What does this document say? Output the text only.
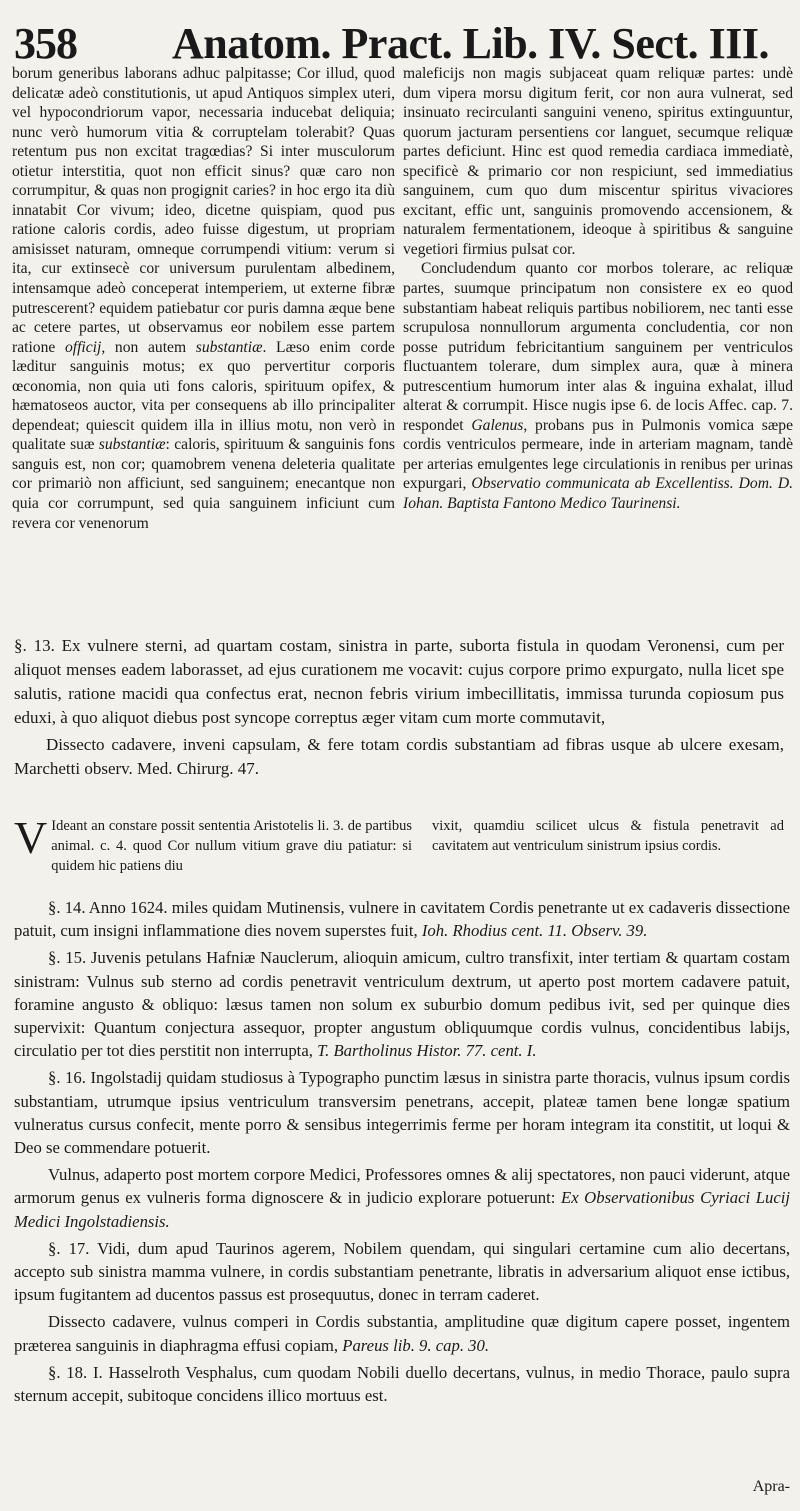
358 Anatom. Pract. Lib. IV. Sect. III.

borum generibus laborans adhuc palpitasse; Cor illud, quod delicatæ adeò constitutionis, ut apud Antiquos simplex uteri, vel hypocondriorum vapor, necessaria inducebat deliquia; nunc verò humorum vitia & corruptelam tolerabit? Quas retentum pus non excitat tragœdias? Si inter musculorum otietur interstitia, quot non efficit sinus? quæ caro non corrumpitur, & quas non progignit caries? in hoc ergo ita diù innatabit Cor vivum; ideo, dicetne quispiam, quod pus ratione caloris cordis, adeo fuisse digestum, ut propriam amisisset naturam, omneque corrumpendi vitium: verum si ita, cur extinsecè cor universum purulentam albedinem, intensamque adeò conceperat intemperiem, ut externe fibræ putrescerent? equidem patiebatur cor puris damna æque bene ac cetere partes, ut observamus eor nobilem esse partem ratione officij, non autem substantiæ. Læso enim corde læditur sanguinis motus; ex quo pervertitur corporis œconomia, non quia uti fons caloris, spirituum opifex, & hæmatoseos auctor, vita per consequens ab illo principaliter dependeat; quiescit quidem illa in illius motu, non verò in qualitate suæ substantiæ: caloris, spirituum & sanguinis fons sanguis est, non cor; quamobrem venena deleteria qualitate cor primariò non afficiunt, sed sanguinem; enecantque non quia cor corrumpunt, sed quia sanguinem inficiunt cum revera cor venenorum

maleficijs non magis subjaceat quam reliquæ partes: undè dum vipera morsu digitum ferit, cor non aura vulnerat, sed insinuato recirculanti sanguini veneno, spiritus extinguuntur, quorum jacturam persentiens cor languet, secumque reliquæ partes deficiunt. Hinc est quod remedia cardiaca immediatè, specificè & primario cor non respiciunt, sed immediatius sanguinem, cum quo dum miscentur spiritus vivaciores excitant, effic unt, sanguinis promovendo accensionem, & naturalem fermentationem, ideoque à spiritibus & sanguine vegetiori firmius pulsat cor.

Concludendum quanto cor morbos tolerare, ac reliquæ partes, suumque principatum non consistere ex eo quod substantiam habeat reliquis partibus nobiliorem, nec tanti esse scrupulosa nonnullorum argumenta concludentia, cor non posse putridum febricitantium sanguinem per ventriculos fluctuantem tolerare, dum simplex aura, quæ à minera putrescentium humorum inter alas & inguina exhalat, illud alterat & corrumpit. Hisce nugis ipse 6. de locis Affec. cap. 7. respondet Galenus, probans pus in Pulmonis vomica sæpe cordis ventriculos permeare, inde in arteriam magnam, tandè per arterias emulgentes lege circulationis in renibus per urinas expurgari, Observatio communicata ab Excellentiss. Dom. D. Iohan. Baptista Fantono Medico Taurinensi.

§. 13. Ex vulnere sterni, ad quartam costam, sinistra in parte, suborta fistula in quodam Veronensi, cum per aliquot menses eadem laborasset, ad ejus curationem me vocavit: cujus corpore primo expurgato, nulla licet spe salutis, ratione macidi qua confectus erat, necnon febris virium imbecillitatis, immissa turunda copiosum pus eduxi, à quo aliquot diebus post syncope correptus æger vitam cum morte commutavit,

Dissecto cadavere, inveni capsulam, & fere totam cordis substantiam ad fibras usque ab ulcere exesam, Marchetti observ. Med. Chirurg. 47.

V Ideant an constare possit sententia Aristotelis li. 3. de partibus animal. c. 4. quod Cor nullum vitium grave diu patiatur: si quidem hic patiens diu
vixit, quamdiu scilicet ulcus & fistula penetravit ad cavitatem aut ventriculum sinistrum ipsius cordis.

§. 14. Anno 1624. miles quidam Mutinensis, vulnere in cavitatem Cordis penetrante ut ex cadaveris dissectione patuit, cum insigni inflammatione dies novem superstes fuit, Ioh. Rhodius cent. 11. Observ. 39.

§. 15. Juvenis petulans Hafniæ Nauclerum, alioquin amicum, cultro transfixit, inter tertiam & quartam costam sinistram: Vulnus sub sterno ad cordis penetravit ventriculum dextrum, ut aperto post mortem cadavere patuit, foramine angusto & obliquo: læsus tamen non solum ex suburbio domum pedibus ivit, sed per quinque dies supervixit: Quantum conjectura assequor, propter angustum obliquumque cordis vulnus, concidentibus labijs, circulatio per tot dies perstitit non interrupta, T. Bartholinus Histor. 77. cent. I.

§. 16. Ingolstadij quidam studiosus à Typographo punctim læsus in sinistra parte thoracis, vulnus ipsum cordis substantiam, utrumque ipsius ventriculum transversim penetrans, accepit, plateæ tamen bene longæ spatium vulneratus cursus confecit, mente porro & sensibus integerrimis ferme per horam integram ita constitit, ut loqui & Deo se commendare potuerit.

Vulnus, adaperto post mortem corpore Medici, Professores omnes & alij spectatores, non pauci viderunt, atque armorum genus ex vulneris forma dignoscere & in judicio explorare potuerunt: Ex Observationibus Cyriaci Lucij Medici Ingolstadiensis.

§. 17. Vidi, dum apud Taurinos agerem, Nobilem quendam, qui singulari certamine cum alio decertans, accepto sub sinistra mamma vulnere, in cordis substantiam penetrante, libratis in adversarium aliquot ense ictibus, ipsum fugitantem ad ducentos passus est prosequutus, donec in terram caderet.

Dissecto cadavere, vulnus comperi in Cordis substantia, amplitudine quæ digitum capere posset, ingentem præterea sanguinis in diaphragma effusi copiam, Pareus lib. 9. cap. 30.

§. 18. I. Hasselroth Vesphalus, cum quodam Nobili duello decertans, vulnus, in medio Thorace, paulo supra sternum accepit, subitoque concidens illico mortuus est.

Apra-
